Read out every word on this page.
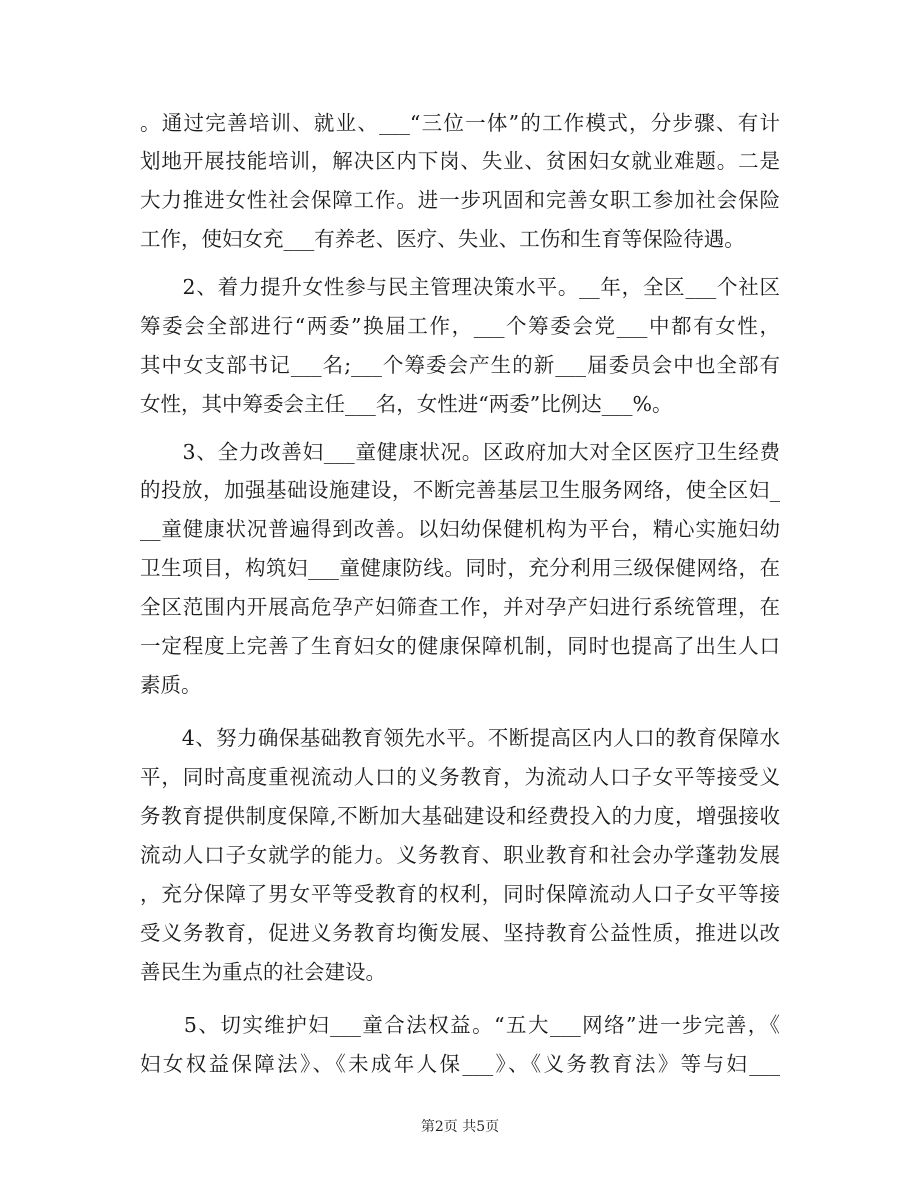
。通过完善培训、就业、___“三位一体”的工作模式，分步骤、有计
划地开展技能培训，解决区内下岗、失业、贫困妇女就业难题。二是
大力推进女性社会保障工作。进一步巩固和完善女职工参加社会保险
工作，使妇女充___有养老、医疗、失业、工伤和生育等保险待遇。
　　2、着力提升女性参与民主管理决策水平。__年，全区___个社区
筹委会全部进行“两委”换届工作，___个筹委会党___中都有女性，
其中女支部书记___名;___个筹委会产生的新___届委员会中也全部有
女性，其中筹委会主任___名，女性进“两委”比例达___%。
　　3、全力改善妇___童健康状况。区政府加大对全区医疗卫生经费
的投放，加强基础设施建设，不断完善基层卫生服务网络，使全区妇_
__童健康状况普遍得到改善。以妇幼保健机构为平台，精心实施妇幼
卫生项目，构筑妇___童健康防线。同时，充分利用三级保健网络，在
全区范围内开展高危孕产妇筛查工作，并对孕产妇进行系统管理，在
一定程度上完善了生育妇女的健康保障机制，同时也提高了出生人口
素质。
　　4、努力确保基础教育领先水平。不断提高区内人口的教育保障水
平，同时高度重视流动人口的义务教育，为流动人口子女平等接受义
务教育提供制度保障,不断加大基础建设和经费投入的力度，增强接收
流动人口子女就学的能力。义务教育、职业教育和社会办学蓬勃发展
，充分保障了男女平等受教育的权利，同时保障流动人口子女平等接
受义务教育，促进义务教育均衡发展、坚持教育公益性质，推进以改
善民生为重点的社会建设。
　　5、切实维护妇___童合法权益。“五大___网络”进一步完善，《
妇女权益保障法》、《未成年人保___》、《义务教育法》等与妇___
第2页 共5页
